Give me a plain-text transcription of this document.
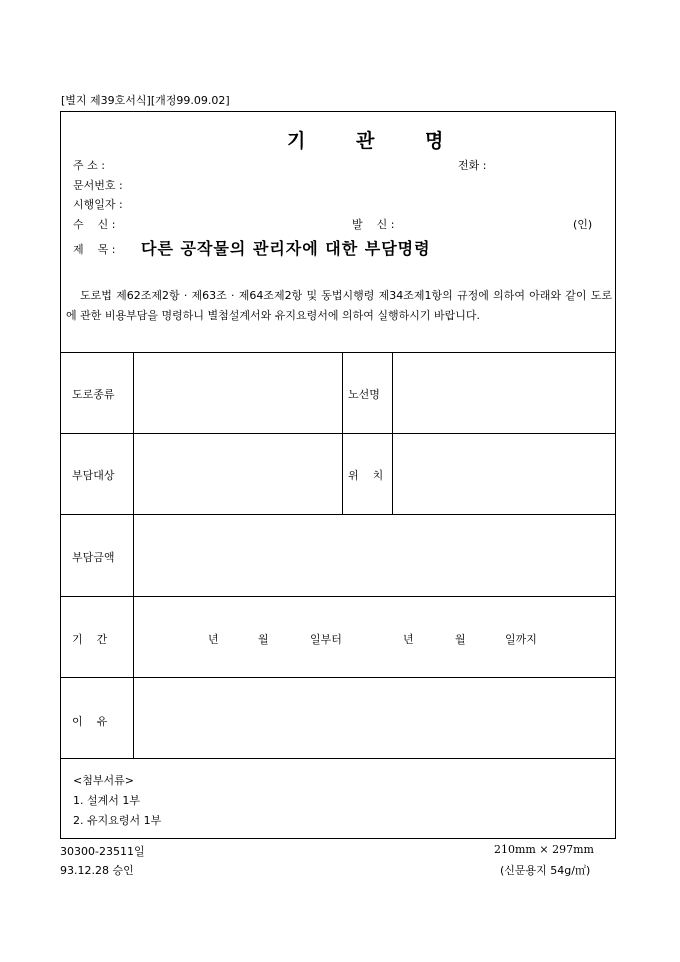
[별지 제39호서식][개정99.09.02]
기 관 명
주 소 :	전화 :
문서번호 :
시행일자 :
수    신 :	발    신 :	(인)
제    목 : 다른 공작물의 관리자에 대한 부담명령
도로법 제62조제2항 · 제63조 · 제64조제2항 및 동법시행령 제34조제1항의 규정에 의하여 아래와 같이 도로에 관한 비용부담을 명령하니 별첨설계서와 유지요령서에 의하여 실행하시기 바랍니다.
도로종류	노선명
부담대상	위    치
부담금액
기    간	년	월	일부터	년	월	일까지
이    유
<첨부서류>
1. 설계서 1부
2. 유지요령서 1부
30300-23511일
93.12.28 승인
210mm × 297mm
(신문용지 54g/㎡)
